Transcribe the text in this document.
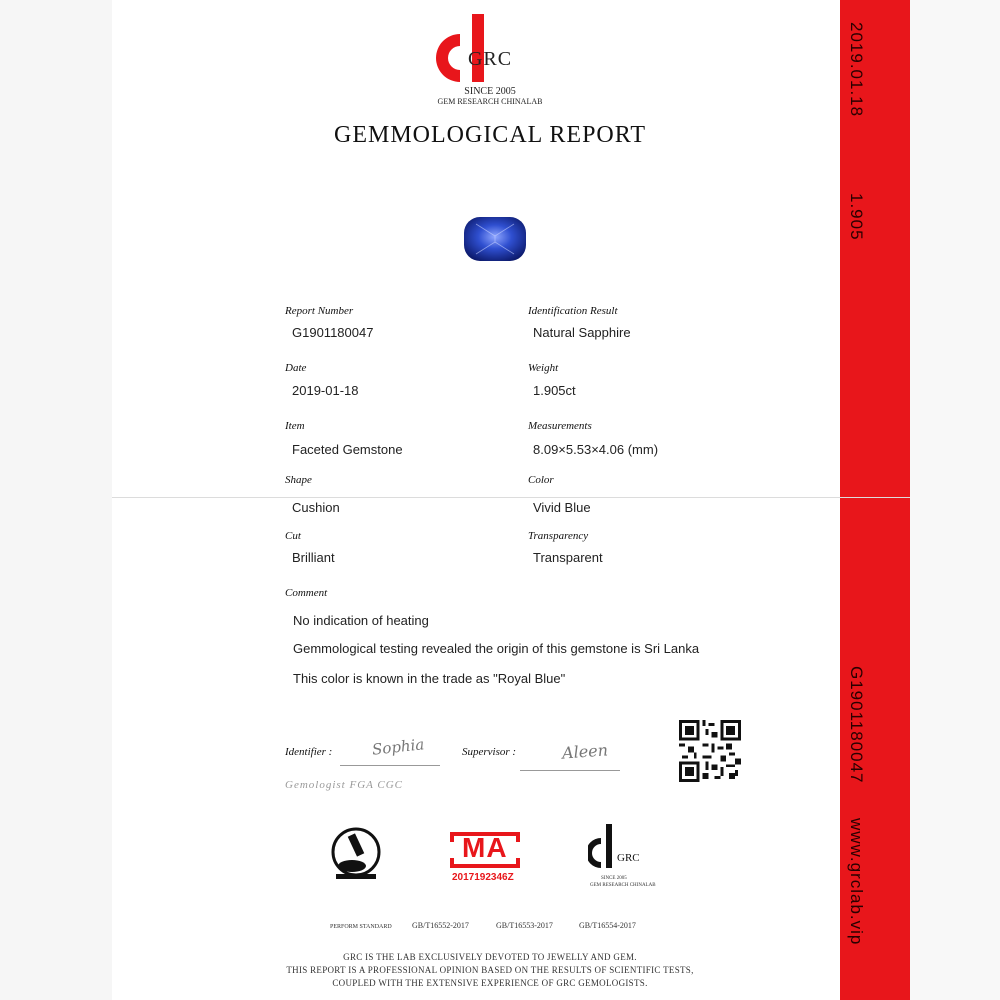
2019.01.18
1.905
G1901180047
www.grclab.vip
GRC
SINCE 2005
GEM RESEARCH CHINALAB
GEMMOLOGICAL REPORT
Report Number
G1901180047
Date
2019-01-18
Item
Faceted Gemstone
Shape
Cushion
Cut
Brilliant
Identification Result
Natural Sapphire
Weight
1.905ct
Measurements
8.09×5.53×4.06 (mm)
Color
Vivid Blue
Transparency
Transparent
Comment
No indication of heating
Gemmological testing revealed the origin of this gemstone is Sri Lanka
This color is known in the trade as "Royal Blue"
Identifier :	Sophia	Supervisor :	Aleen
Gemologist FGA CGC
MA
2017192346Z
GRC
SINCE 2005
GEM RESEARCH CHINALAB
PERFORM STANDARD	GB/T16552-2017	GB/T16553-2017	GB/T16554-2017
GRC IS THE LAB EXCLUSIVELY DEVOTED TO JEWELLY AND GEM.
THIS REPORT IS A PROFESSIONAL OPINION BASED ON THE RESULTS OF SCIENTIFIC TESTS,
COUPLED WITH THE EXTENSIVE EXPERIENCE OF GRC GEMOLOGISTS.
